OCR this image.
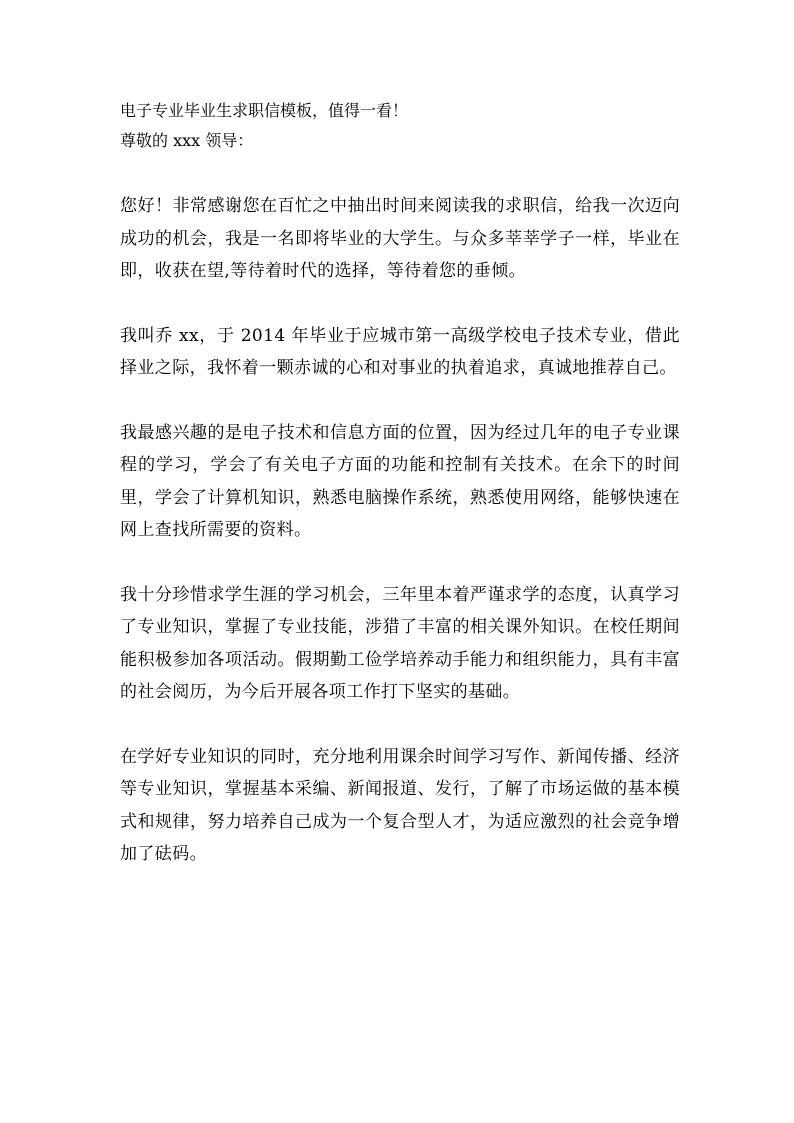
电子专业毕业生求职信模板，值得一看！

尊敬的 xxx 领导：

您好！非常感谢您在百忙之中抽出时间来阅读我的求职信，给我一次迈向成功的机会，我是一名即将毕业的大学生。与众多莘莘学子一样，毕业在即，收获在望,等待着时代的选择，等待着您的垂倾。

我叫乔 xx，于 2014 年毕业于应城市第一高级学校电子技术专业，借此择业之际，我怀着一颗赤诚的心和对事业的执着追求，真诚地推荐自己。

我最感兴趣的是电子技术和信息方面的位置，因为经过几年的电子专业课程的学习，学会了有关电子方面的功能和控制有关技术。在余下的时间里，学会了计算机知识，熟悉电脑操作系统，熟悉使用网络，能够快速在网上查找所需要的资料。

我十分珍惜求学生涯的学习机会，三年里本着严谨求学的态度，认真学习了专业知识，掌握了专业技能，涉猎了丰富的相关课外知识。在校任期间能积极参加各项活动。假期勤工俭学培养动手能力和组织能力，具有丰富的社会阅历，为今后开展各项工作打下坚实的基础。

在学好专业知识的同时，充分地利用课余时间学习写作、新闻传播、经济等专业知识，掌握基本采编、新闻报道、发行，了解了市场运做的基本模式和规律，努力培养自己成为一个复合型人才，为适应激烈的社会竞争增加了砝码。
